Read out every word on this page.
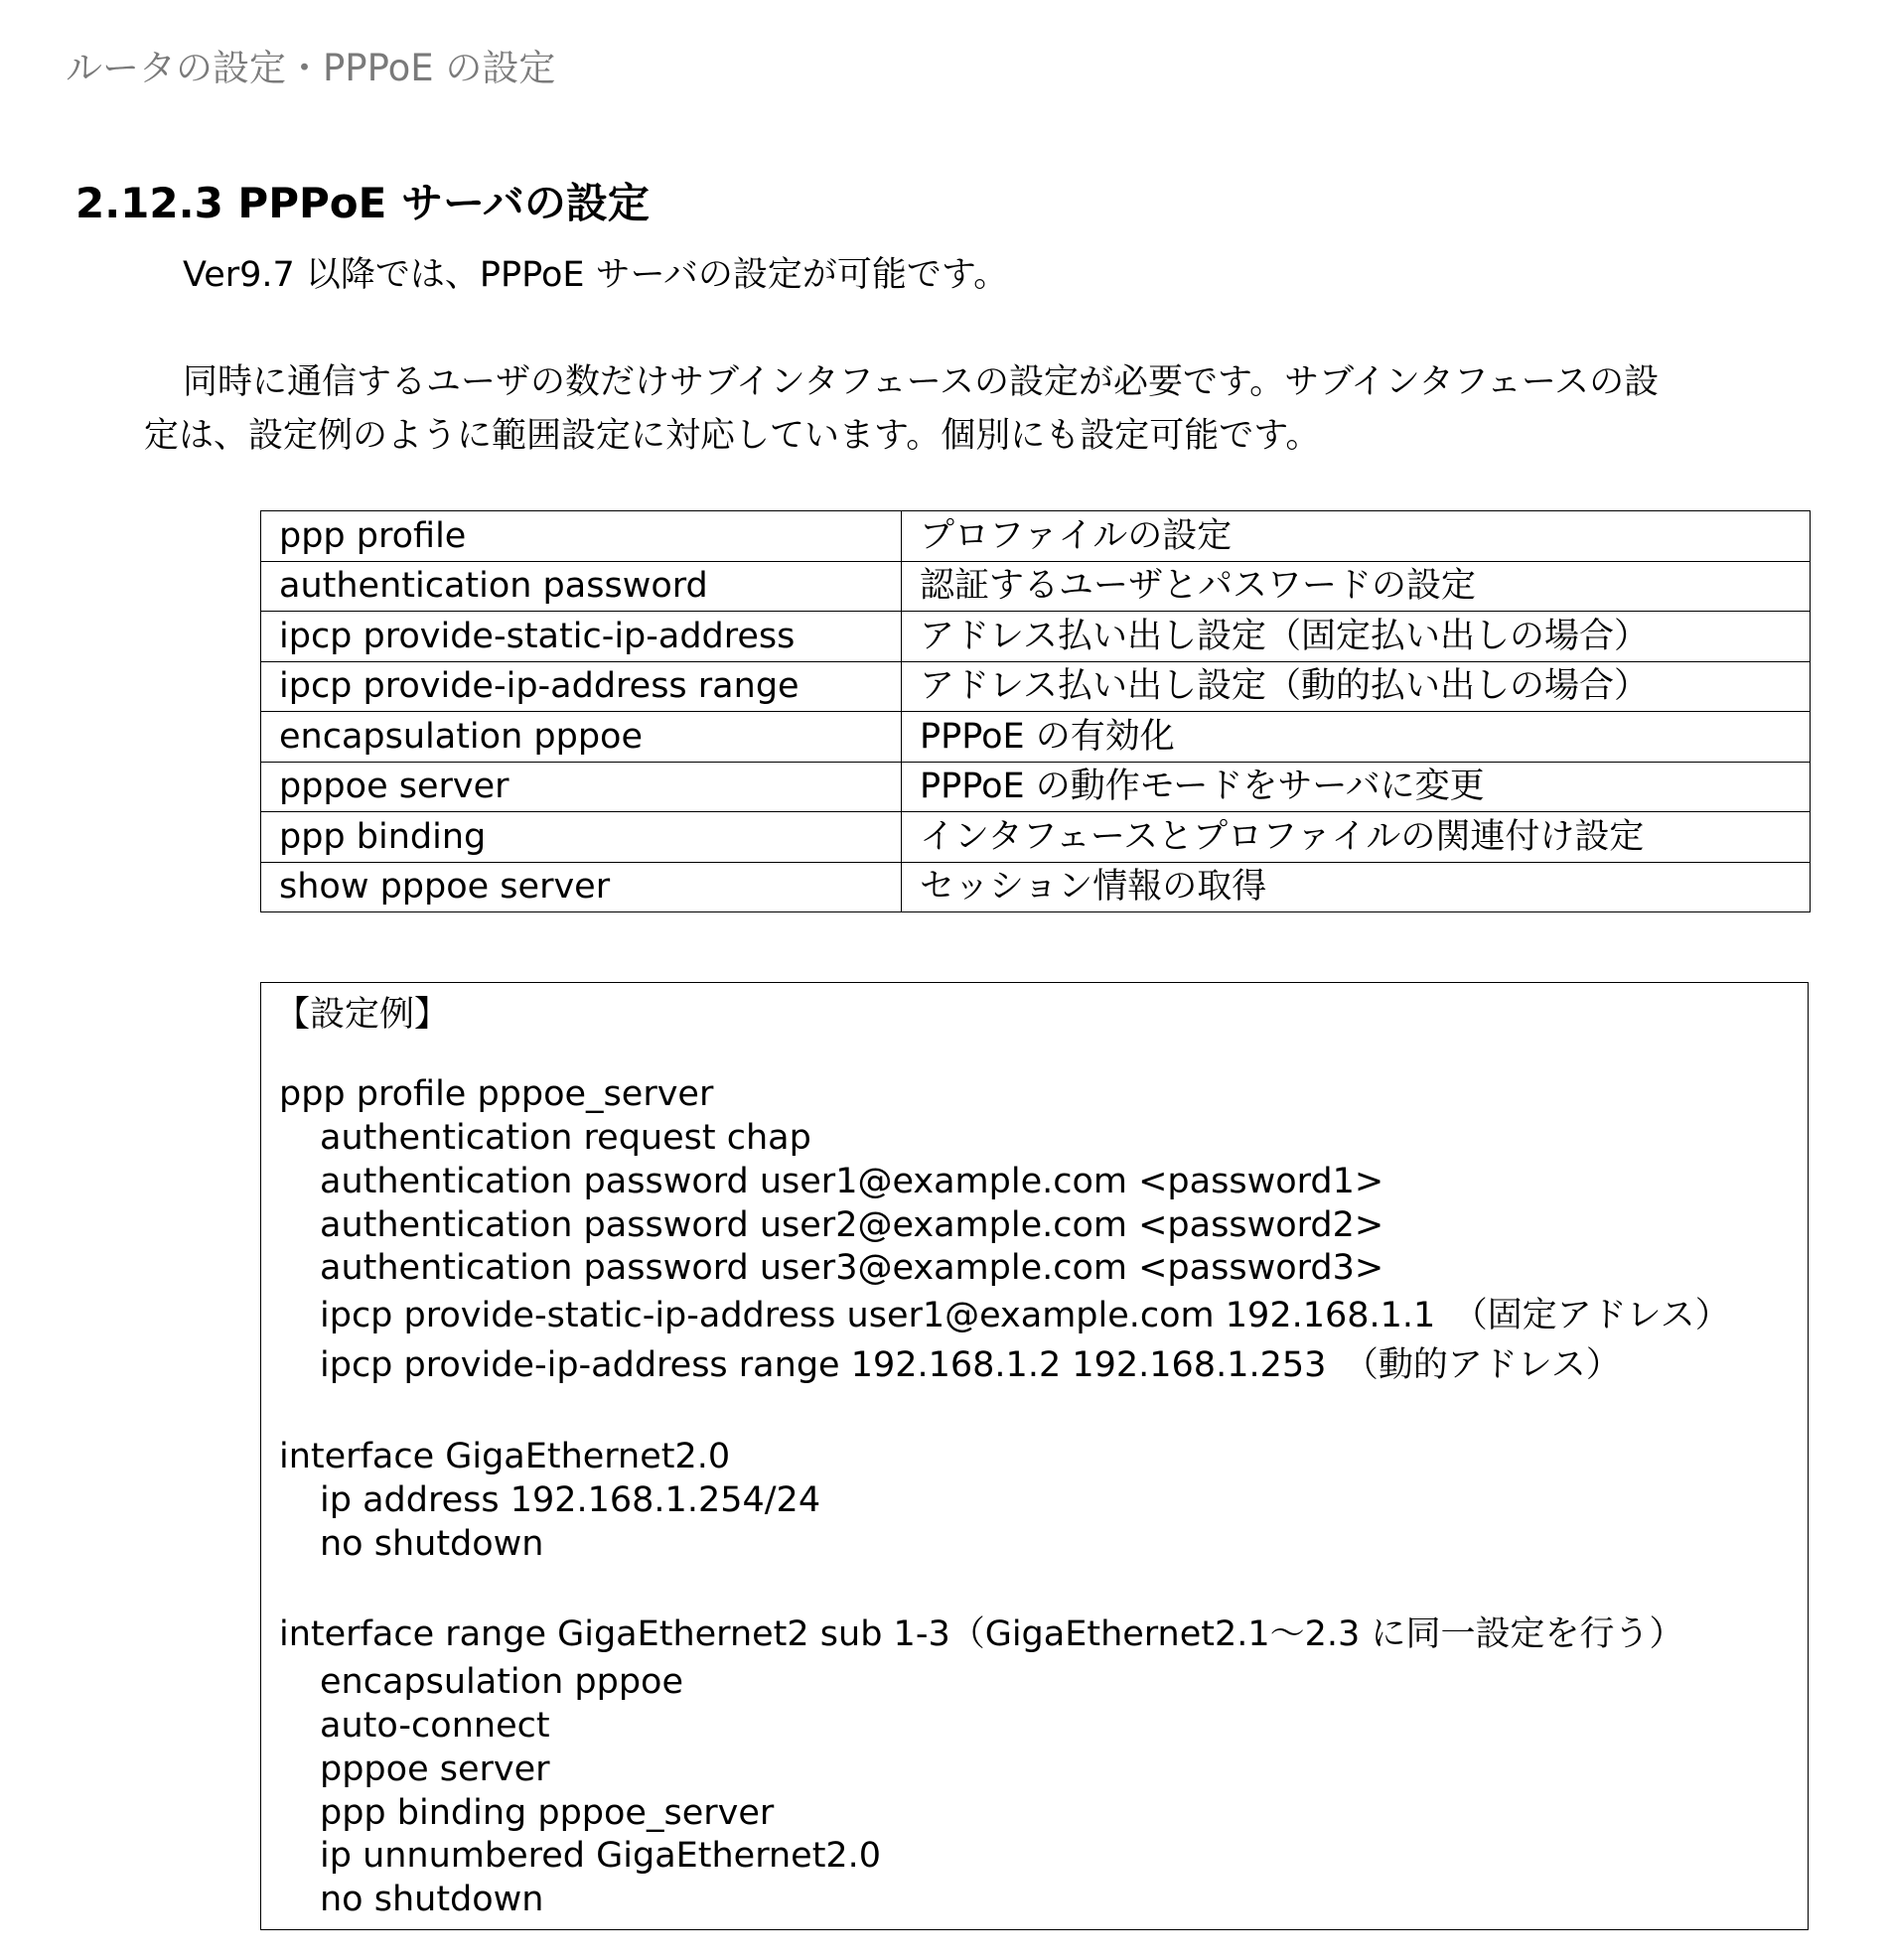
ルータの設定・PPPoE の設定
2.12.3 PPPoE サーバの設定
Ver9.7 以降では、PPPoE サーバの設定が可能です。
同時に通信するユーザの数だけサブインタフェースの設定が必要です。サブインタフェースの設
定は、設定例のように範囲設定に対応しています。個別にも設定可能です。
ppp profile	プロファイルの設定
authentication password	認証するユーザとパスワードの設定
ipcp provide-static-ip-address	アドレス払い出し設定（固定払い出しの場合）
ipcp provide-ip-address range	アドレス払い出し設定（動的払い出しの場合）
encapsulation pppoe	PPPoE の有効化
pppoe server	PPPoE の動作モードをサーバに変更
ppp binding	インタフェースとプロファイルの関連付け設定
show pppoe server	セッション情報の取得
【設定例】
ppp profile pppoe_server
authentication request chap
authentication password user1@example.com <password1>
authentication password user2@example.com <password2>
authentication password user3@example.com <password3>
ipcp provide-static-ip-address user1@example.com 192.168.1.1　（固定アドレス）
ipcp provide-ip-address range 192.168.1.2 192.168.1.253　（動的アドレス）
interface GigaEthernet2.0
ip address 192.168.1.254/24
no shutdown
interface range GigaEthernet2 sub 1-3（GigaEthernet2.1～2.3 に同一設定を行う）
encapsulation pppoe
auto-connect
pppoe server
ppp binding pppoe_server
ip unnumbered GigaEthernet2.0
no shutdown
